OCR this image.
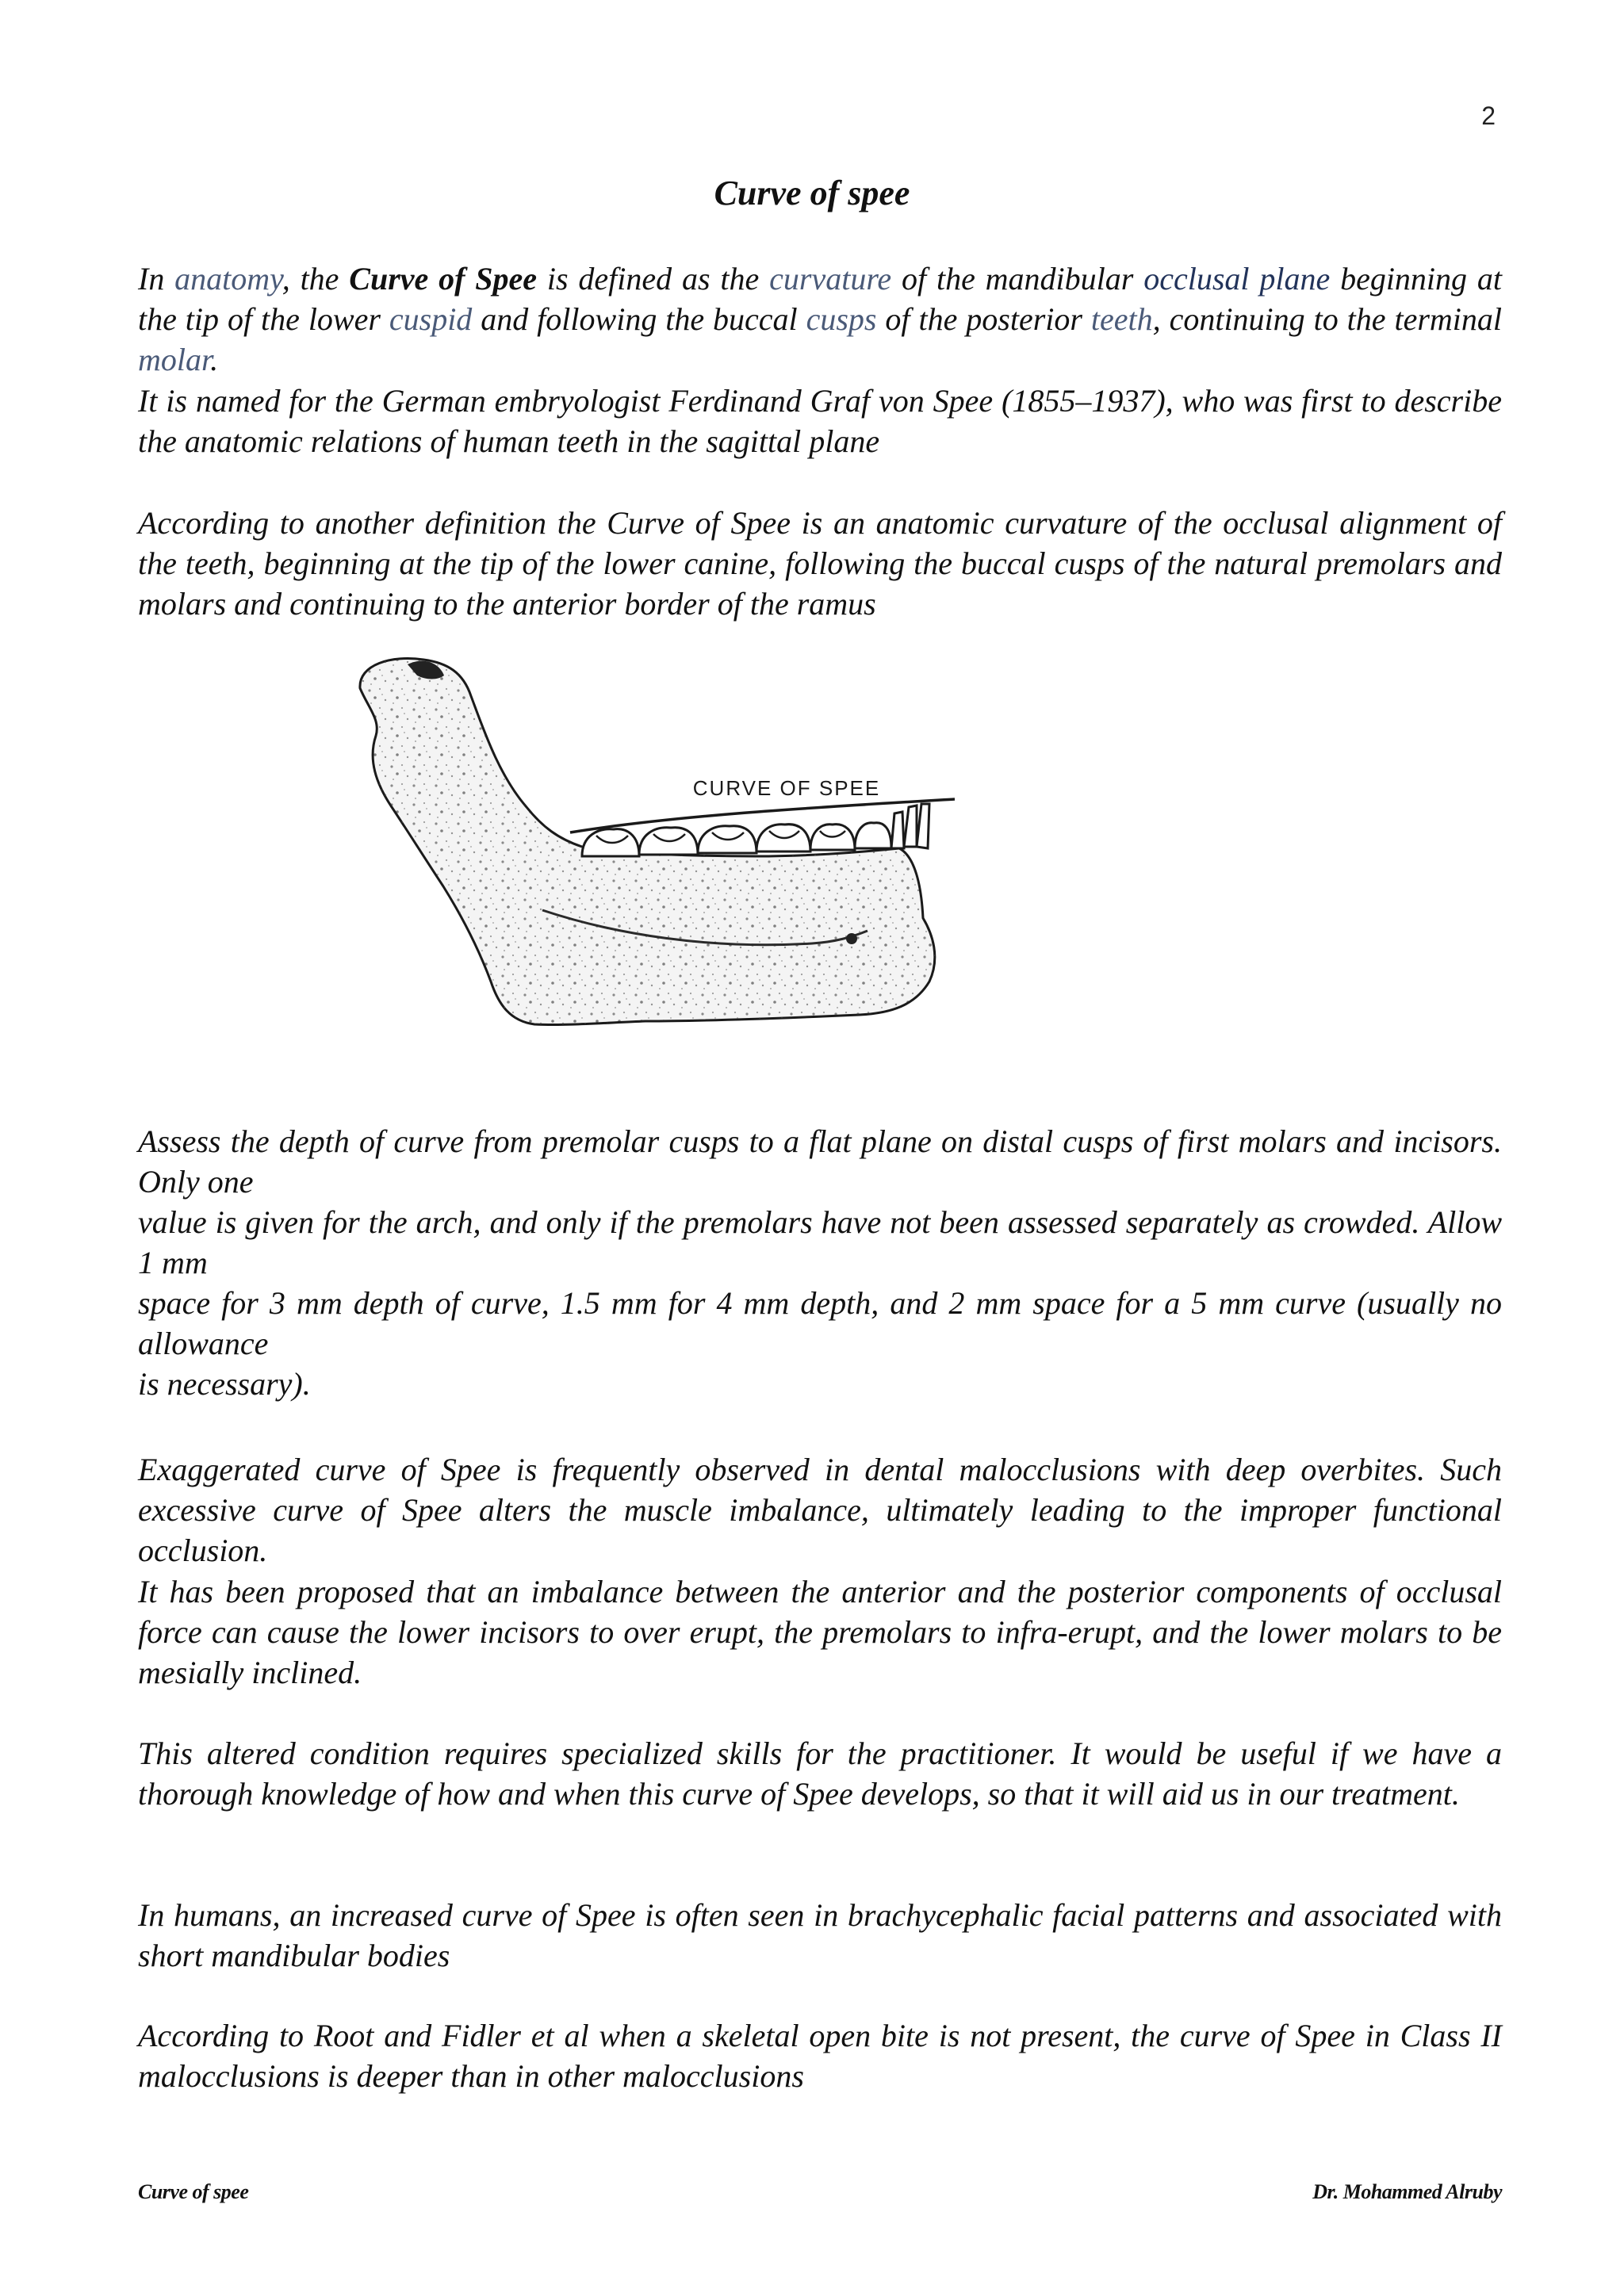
2
Curve of spee

In anatomy, the Curve of Spee is defined as the curvature of the mandibular occlusal plane beginning at the tip of the lower cuspid and following the buccal cusps of the posterior teeth, continuing to the terminal molar.

It is named for the German embryologist Ferdinand Graf von Spee (1855–1937), who was first to describe the anatomic relations of human teeth in the sagittal plane

According to another definition the Curve of Spee is an anatomic curvature of the occlusal alignment of the teeth, beginning at the tip of the lower canine, following the buccal cusps of the natural premolars and molars and continuing to the anterior border of the ramus

CURVE OF SPEE

Assess the depth of curve from premolar cusps to a flat plane on distal cusps of first molars and incisors. Only one
value is given for the arch, and only if the premolars have not been assessed separately as crowded. Allow 1 mm
space for 3 mm depth of curve, 1.5 mm for 4 mm depth, and 2 mm space for a 5 mm curve (usually no allowance
is necessary).

Exaggerated curve of Spee is frequently observed in dental malocclusions with deep overbites. Such excessive curve of Spee alters the muscle imbalance, ultimately leading to the improper functional occlusion.

It has been proposed that an imbalance between the anterior and the posterior components of occlusal force can cause the lower incisors to over erupt, the premolars to infra-erupt, and the lower molars to be mesially inclined.

This altered condition requires specialized skills for the practitioner. It would be useful if we have a thorough knowledge of how and when this curve of Spee develops, so that it will aid us in our treatment.

In humans, an increased curve of Spee is often seen in brachycephalic facial patterns and associated with short mandibular bodies

According to Root and Fidler et al when a skeletal open bite is not present, the curve of Spee in Class II malocclusions is deeper than in other malocclusions

Curve of spee	Dr. Mohammed Alruby
